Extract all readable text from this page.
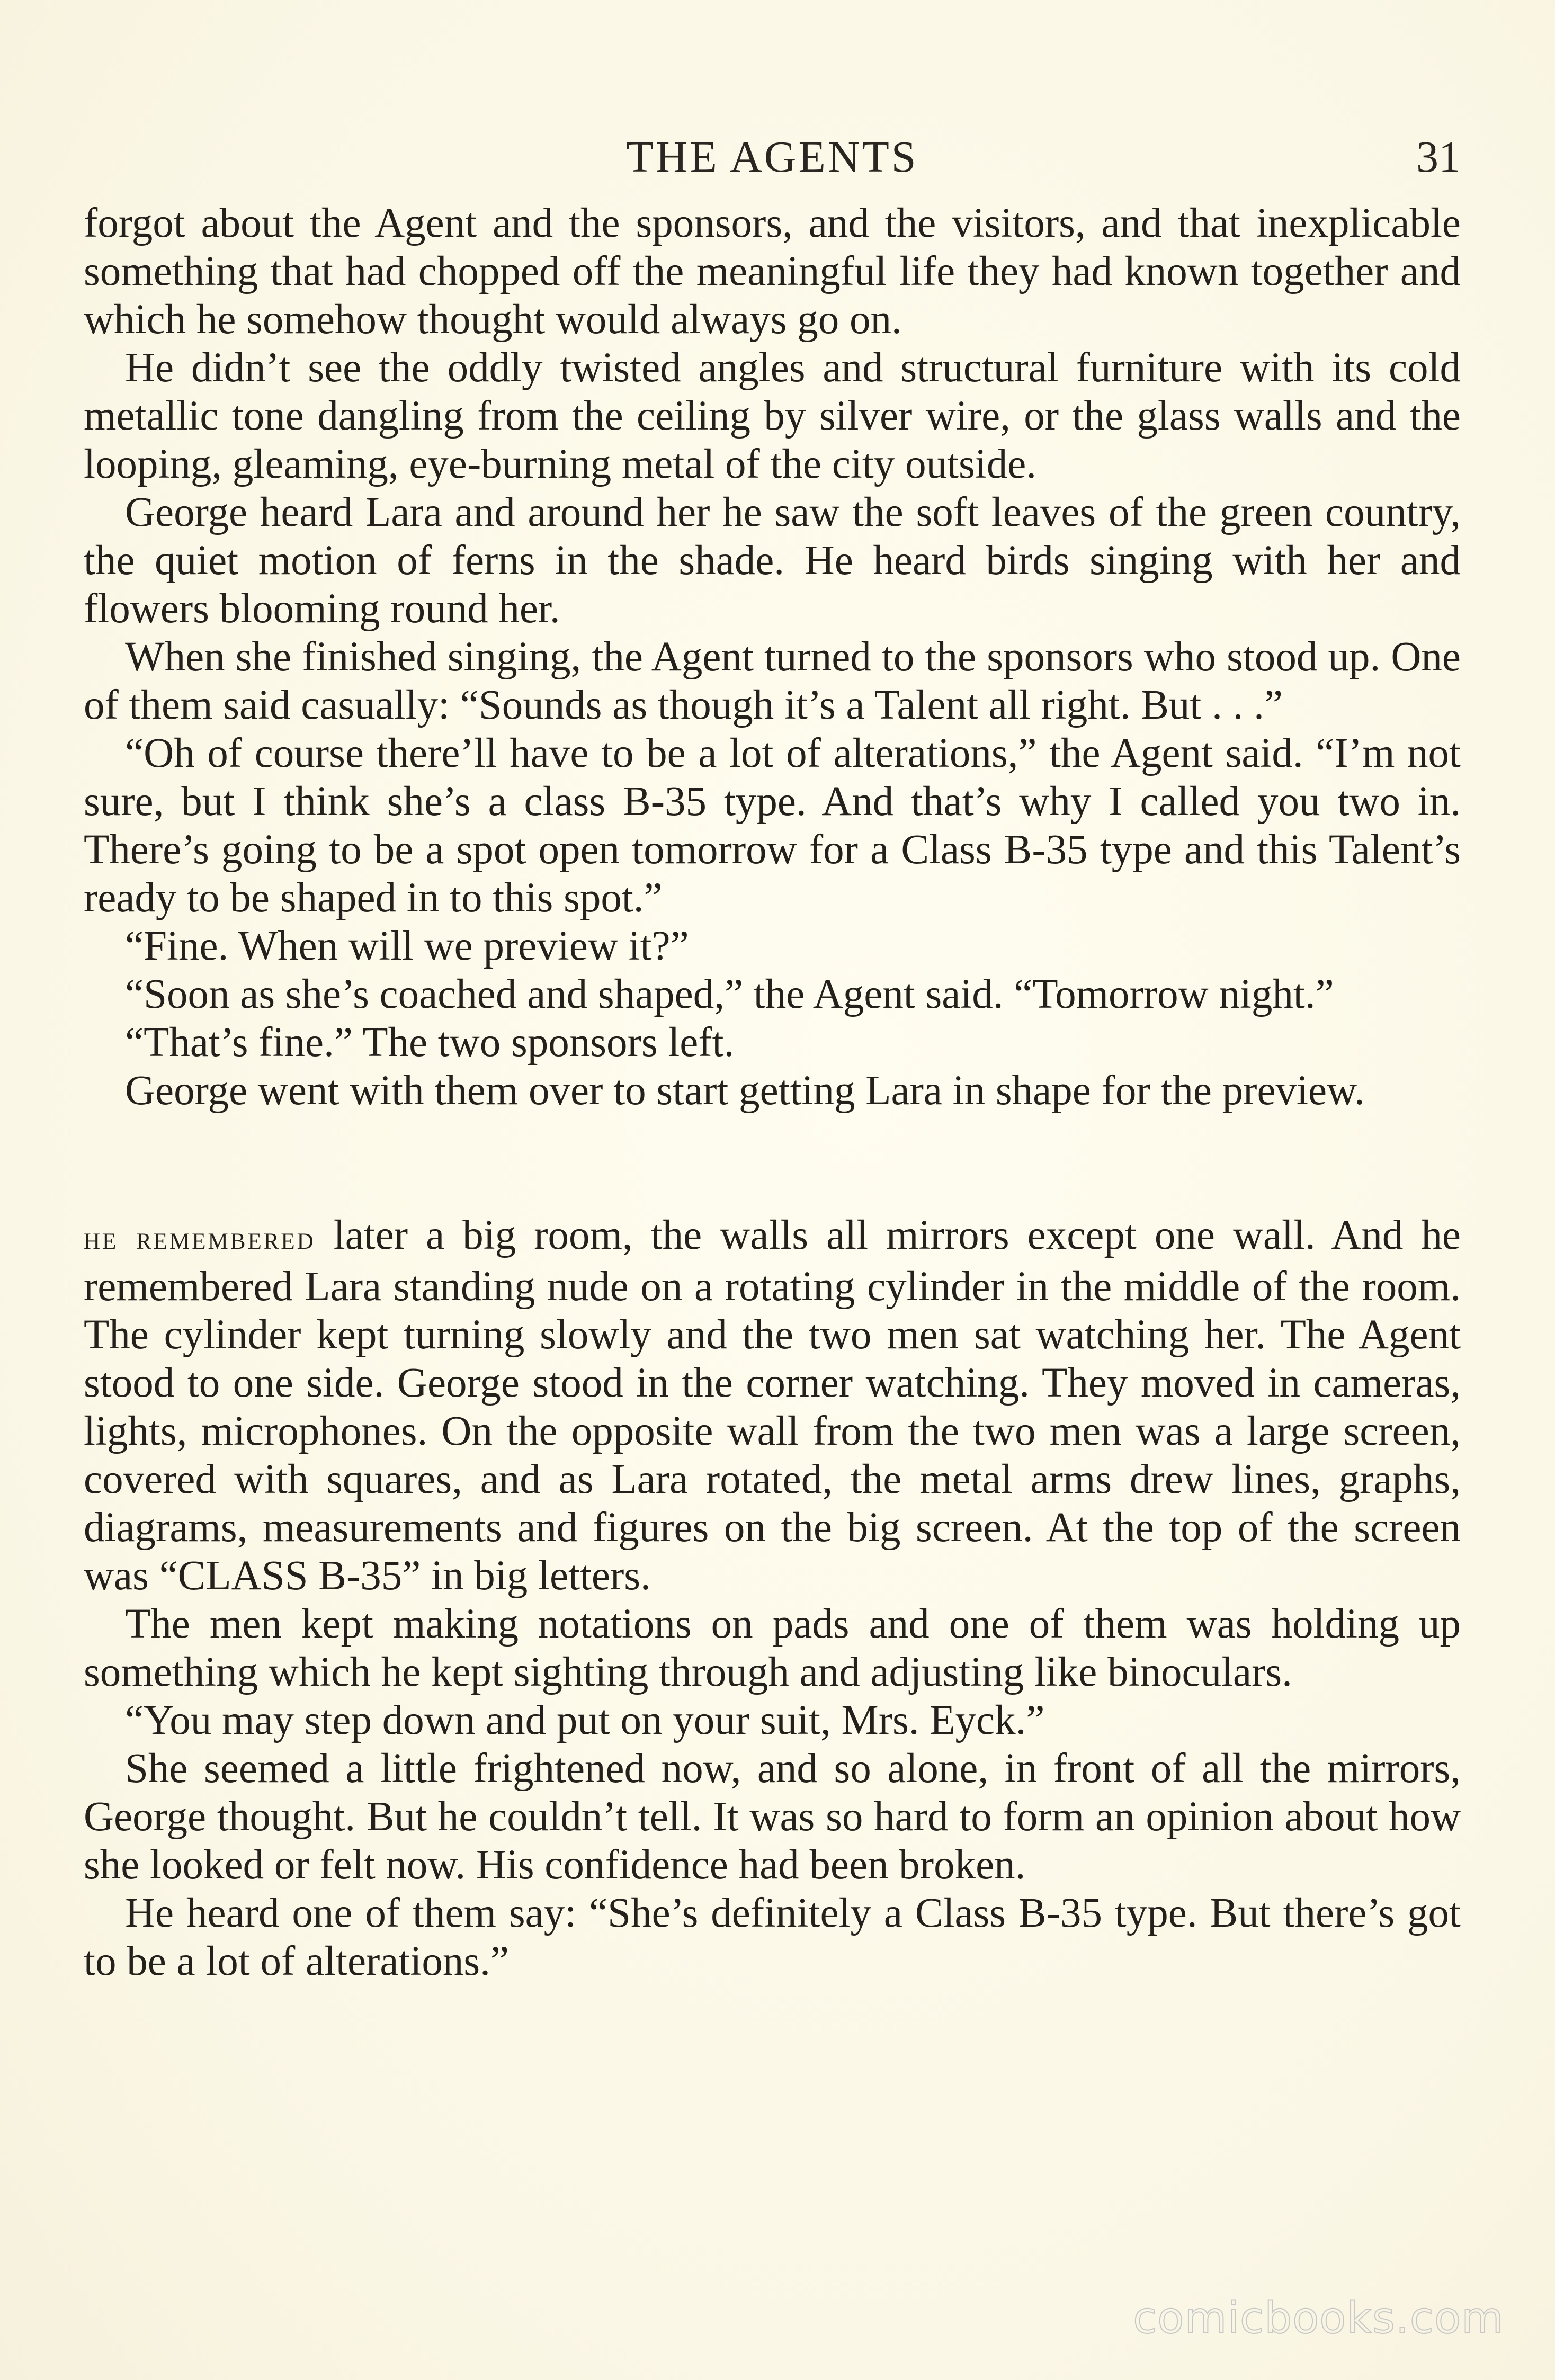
THE AGENTS	31

forgot about the Agent and the sponsors, and the visitors, and that inexplicable something that had chopped off the meaningful life they had known together and which he somehow thought would always go on.

He didn’t see the oddly twisted angles and structural furniture with its cold metallic tone dangling from the ceiling by silver wire, or the glass walls and the looping, gleaming, eye-burning metal of the city outside.

George heard Lara and around her he saw the soft leaves of the green country, the quiet motion of ferns in the shade. He heard birds singing with her and flowers blooming round her.

When she finished singing, the Agent turned to the sponsors who stood up. One of them said casually: “Sounds as though it’s a Talent all right. But . . .”

“Oh of course there’ll have to be a lot of alterations,” the Agent said. “I’m not sure, but I think she’s a class B-35 type. And that’s why I called you two in. There’s going to be a spot open tomorrow for a Class B-35 type and this Talent’s ready to be shaped in to this spot.”

“Fine. When will we preview it?”

“Soon as she’s coached and shaped,” the Agent said. “Tomorrow night.”

“That’s fine.” The two sponsors left.

George went with them over to start getting Lara in shape for the preview.

he remembered later a big room, the walls all mirrors except one wall. And he remembered Lara standing nude on a rotating cylinder in the middle of the room. The cylinder kept turning slowly and the two men sat watching her. The Agent stood to one side. George stood in the corner watching. They moved in cameras, lights, microphones. On the opposite wall from the two men was a large screen, covered with squares, and as Lara rotated, the metal arms drew lines, graphs, diagrams, measurements and figures on the big screen. At the top of the screen was “CLASS B-35” in big letters.

The men kept making notations on pads and one of them was holding up something which he kept sighting through and adjusting like binoculars.

“You may step down and put on your suit, Mrs. Eyck.”

She seemed a little frightened now, and so alone, in front of all the mirrors, George thought. But he couldn’t tell. It was so hard to form an opinion about how she looked or felt now. His confidence had been broken.

He heard one of them say: “She’s definitely a Class B-35 type. But there’s got to be a lot of alterations.”

comicbooks.com
